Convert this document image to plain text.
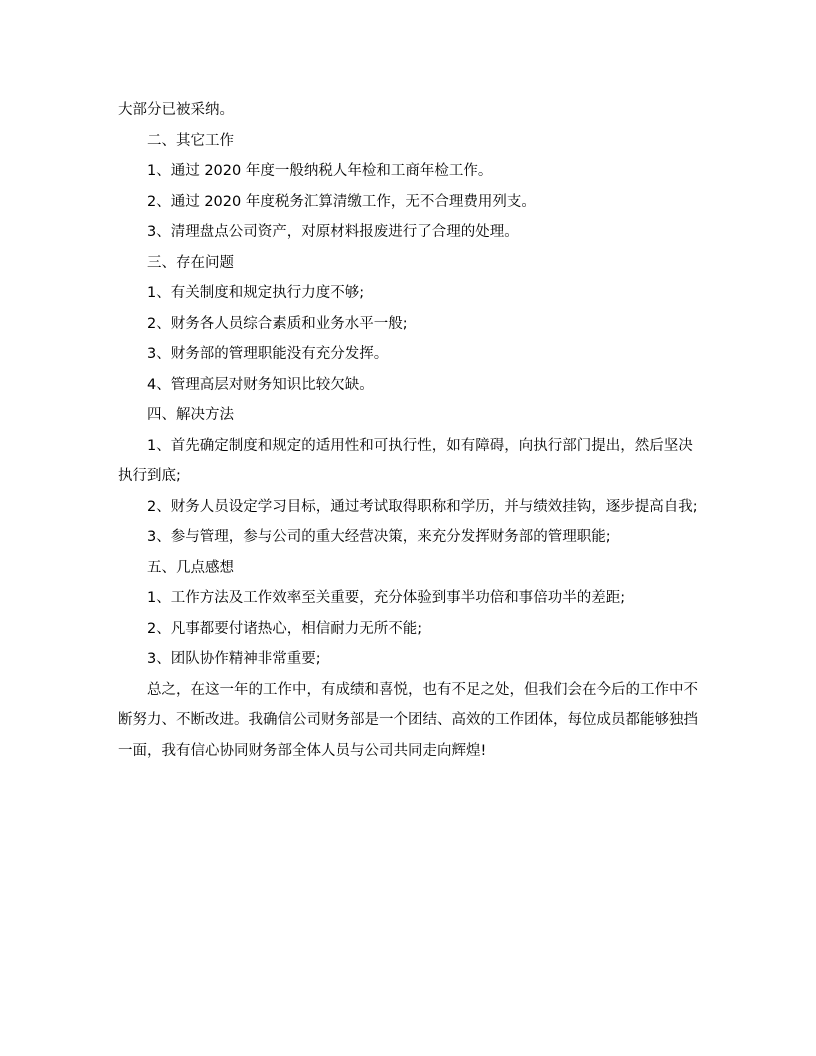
大部分已被采纳。

二、其它工作

1、通过 2020 年度一般纳税人年检和工商年检工作。

2、通过 2020 年度税务汇算清缴工作，无不合理费用列支。

3、清理盘点公司资产，对原材料报废进行了合理的处理。

三、存在问题

1、有关制度和规定执行力度不够;

2、财务各人员综合素质和业务水平一般;

3、财务部的管理职能没有充分发挥。

4、管理高层对财务知识比较欠缺。

四、解决方法

1、首先确定制度和规定的适用性和可执行性，如有障碍，向执行部门提出，然后坚决执行到底;

2、财务人员设定学习目标，通过考试取得职称和学历，并与绩效挂钩，逐步提高自我;

3、参与管理，参与公司的重大经营决策，来充分发挥财务部的管理职能;

五、几点感想

1、工作方法及工作效率至关重要，充分体验到事半功倍和事倍功半的差距;

2、凡事都要付诸热心，相信耐力无所不能;

3、团队协作精神非常重要;

总之，在这一年的工作中，有成绩和喜悦，也有不足之处，但我们会在今后的工作中不断努力、不断改进。我确信公司财务部是一个团结、高效的工作团体，每位成员都能够独挡一面，我有信心协同财务部全体人员与公司共同走向辉煌!
